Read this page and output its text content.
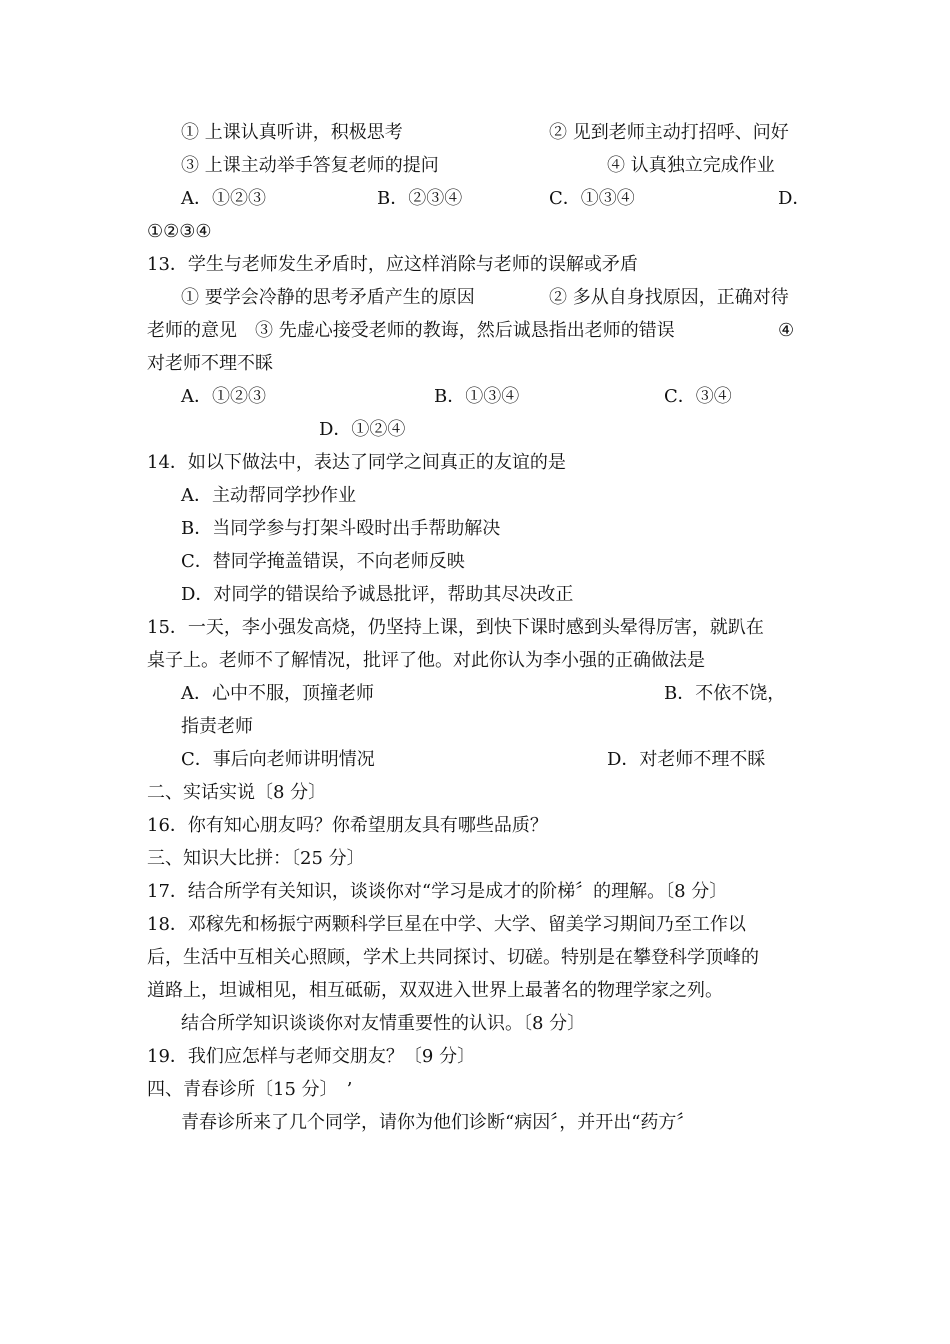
① 上课认真听讲，积极思考	② 见到老师主动打招呼、问好
③ 上课主动举手答复老师的提问	④ 认真独立完成作业
A．①②③	B．②③④	C．①③④	D．
①②③④
13．学生与老师发生矛盾时，应这样消除与老师的误解或矛盾
① 要学会冷静的思考矛盾产生的原因	② 多从自身找原因，正确对待
老师的意见　③ 先虚心接受老师的教诲，然后诚恳指出老师的错误	④
对老师不理不睬
A．①②③	B．①③④	C．③④
D．①②④
14．如以下做法中，表达了同学之间真正的友谊的是
A．主动帮同学抄作业
B．当同学参与打架斗殴时出手帮助解决
C．替同学掩盖错误，不向老师反映
D．对同学的错误给予诚恳批评，帮助其尽决改正
15．一天，李小强发高烧，仍坚持上课，到快下课时感到头晕得厉害，就趴在
桌子上。老师不了解情况，批评了他。对此你认为李小强的正确做法是
A．心中不服，顶撞老师	B．不依不饶，
指责老师
C．事后向老师讲明情况	D．对老师不理不睬
二、实话实说〔8 分〕
16．你有知心朋友吗？你希望朋友具有哪些品质？
三、知识大比拼：〔25 分〕
17．结合所学有关知识，谈谈你对“学习是成才的阶梯〞的理解。〔8 分〕
18．邓稼先和杨振宁两颗科学巨星在中学、大学、留美学习期间乃至工作以
后，生活中互相关心照顾，学术上共同探讨、切磋。特别是在攀登科学顶峰的
道路上，坦诚相见，相互砥砺，双双进入世界上最著名的物理学家之列。
结合所学知识谈谈你对友情重要性的认识。〔8 分〕
19．我们应怎样与老师交朋友？〔9 分〕
四、青春诊所〔15 分〕　’
青春诊所来了几个同学，请你为他们诊断“病因〞，并开出“药方〞
